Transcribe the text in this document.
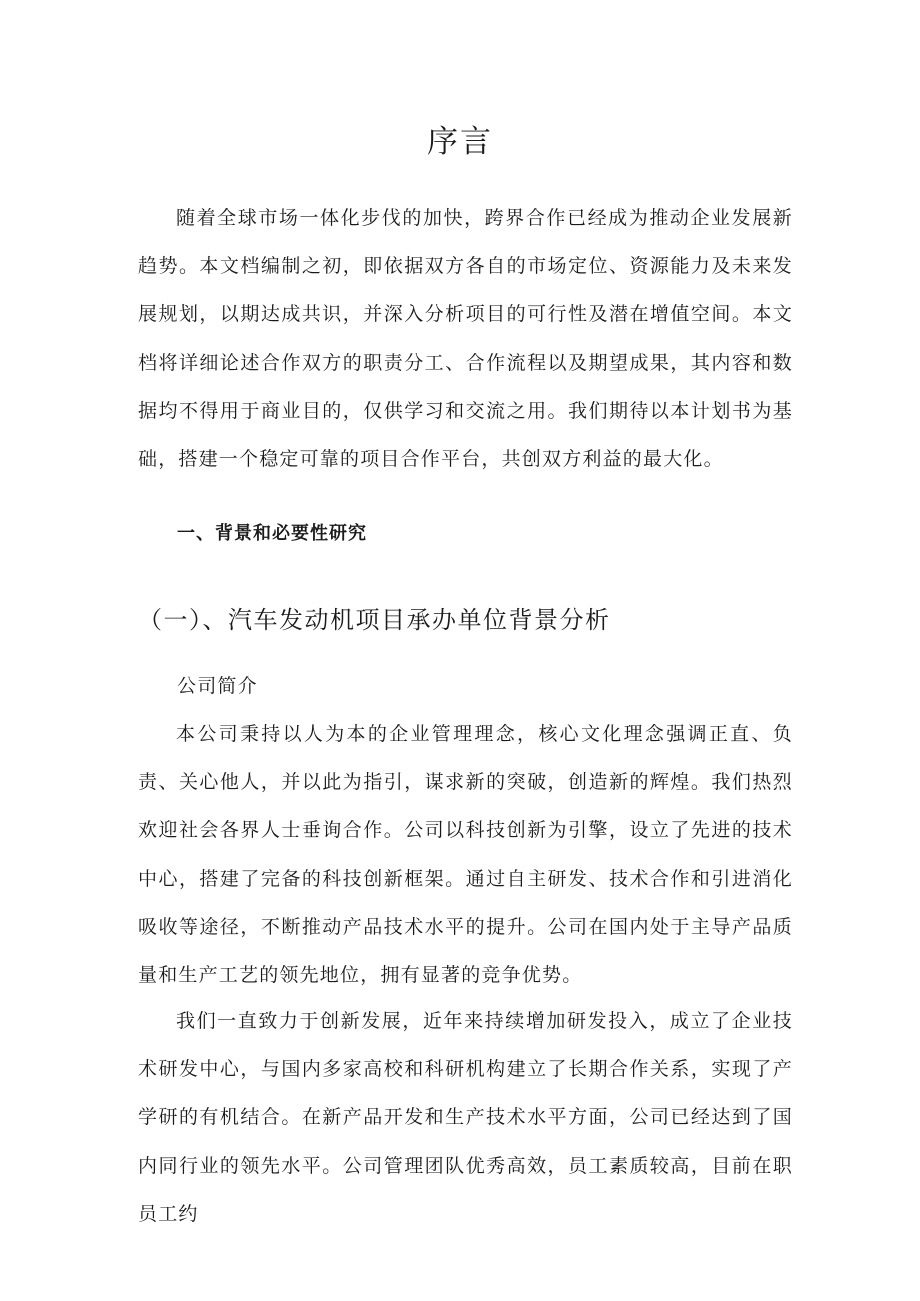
序言

随着全球市场一体化步伐的加快，跨界合作已经成为推动企业发展新趋势。本文档编制之初，即依据双方各自的市场定位、资源能力及未来发展规划，以期达成共识，并深入分析项目的可行性及潜在增值空间。本文档将详细论述合作双方的职责分工、合作流程以及期望成果，其内容和数据均不得用于商业目的，仅供学习和交流之用。我们期待以本计划书为基础，搭建一个稳定可靠的项目合作平台，共创双方利益的最大化。

一、背景和必要性研究
（一）、汽车发动机项目承办单位背景分析
公司简介

本公司秉持以人为本的企业管理理念，核心文化理念强调正直、负责、关心他人，并以此为指引，谋求新的突破，创造新的辉煌。我们热烈欢迎社会各界人士垂询合作。公司以科技创新为引擎，设立了先进的技术中心，搭建了完备的科技创新框架。通过自主研发、技术合作和引进消化吸收等途径，不断推动产品技术水平的提升。公司在国内处于主导产品质量和生产工艺的领先地位，拥有显著的竞争优势。

我们一直致力于创新发展，近年来持续增加研发投入，成立了企业技术研发中心，与国内多家高校和科研机构建立了长期合作关系，实现了产学研的有机结合。在新产品开发和生产技术水平方面，公司已经达到了国内同行业的领先水平。公司管理团队优秀高效，员工素质较高，目前在职员工约
